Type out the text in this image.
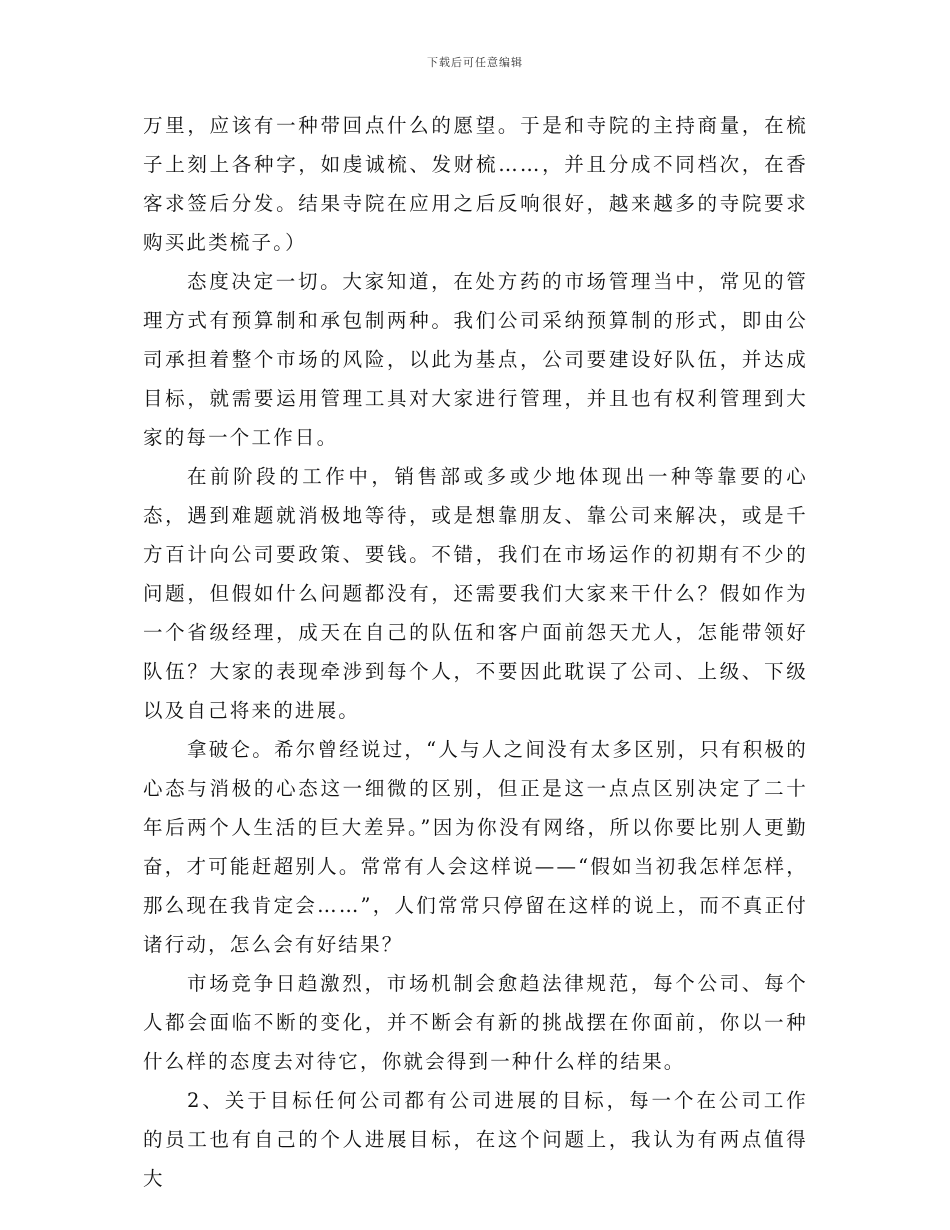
下载后可任意编辑

万里，应该有一种带回点什么的愿望。于是和寺院的主持商量，在梳子上刻上各种字，如虔诚梳、发财梳……，并且分成不同档次，在香客求签后分发。结果寺院在应用之后反响很好，越来越多的寺院要求购买此类梳子。）

态度决定一切。大家知道，在处方药的市场管理当中，常见的管理方式有预算制和承包制两种。我们公司采纳预算制的形式，即由公司承担着整个市场的风险，以此为基点，公司要建设好队伍，并达成目标，就需要运用管理工具对大家进行管理，并且也有权利管理到大家的每一个工作日。

在前阶段的工作中，销售部或多或少地体现出一种等靠要的心态，遇到难题就消极地等待，或是想靠朋友、靠公司来解决，或是千方百计向公司要政策、要钱。不错，我们在市场运作的初期有不少的问题，但假如什么问题都没有，还需要我们大家来干什么？假如作为一个省级经理，成天在自己的队伍和客户面前怨天尤人，怎能带领好队伍？大家的表现牵涉到每个人，不要因此耽误了公司、上级、下级以及自己将来的进展。

拿破仑。希尔曾经说过，“人与人之间没有太多区别，只有积极的心态与消极的心态这一细微的区别，但正是这一点点区别决定了二十年后两个人生活的巨大差异。”因为你没有网络，所以你要比别人更勤奋，才可能赶超别人。常常有人会这样说——“假如当初我怎样怎样，那么现在我肯定会……”，人们常常只停留在这样的说上，而不真正付诸行动，怎么会有好结果？

市场竞争日趋激烈，市场机制会愈趋法律规范，每个公司、每个人都会面临不断的变化，并不断会有新的挑战摆在你面前，你以一种什么样的态度去对待它，你就会得到一种什么样的结果。

2、关于目标任何公司都有公司进展的目标，每一个在公司工作的员工也有自己的个人进展目标，在这个问题上，我认为有两点值得大
